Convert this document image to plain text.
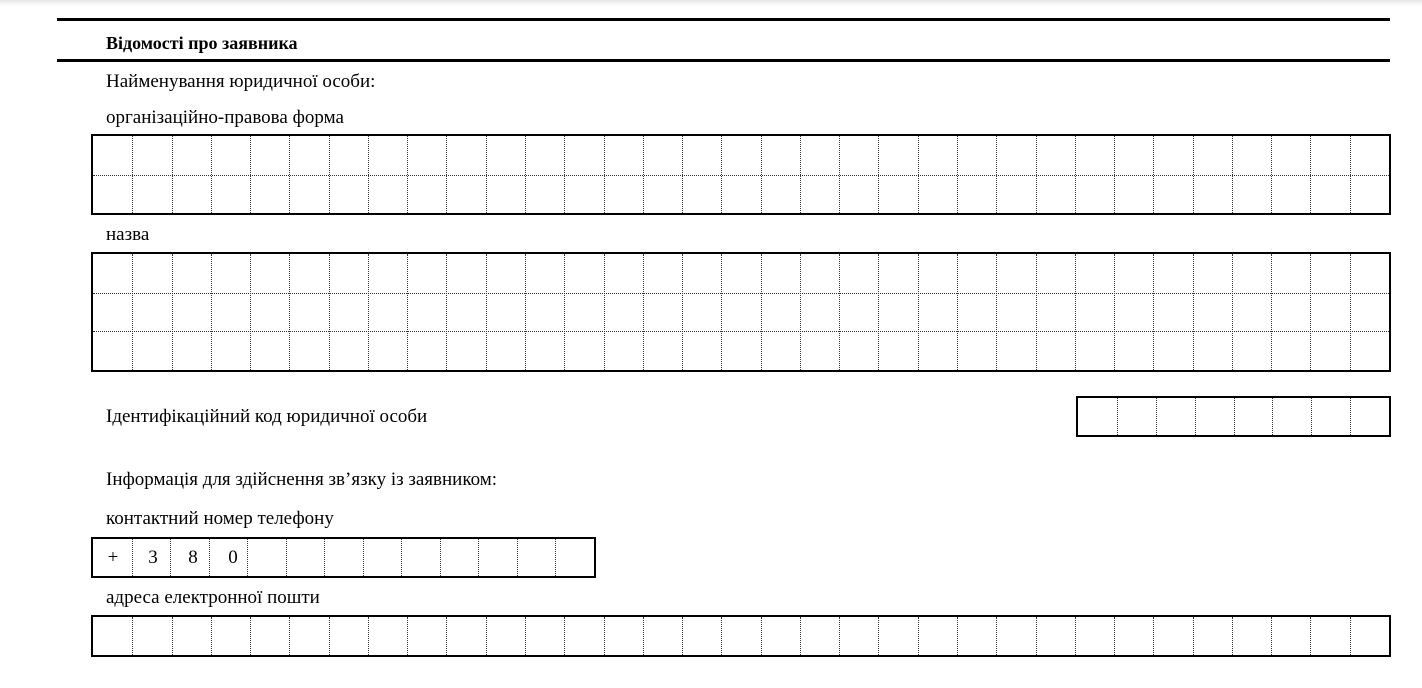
Відомості про заявника
Найменування юридичної особи:
організаційно-правова форма
назва
Ідентифікаційний код юридичної особи
Інформація для здійснення зв’язку із заявником:
контактний номер телефону
+	3	8	0
адреса електронної пошти
